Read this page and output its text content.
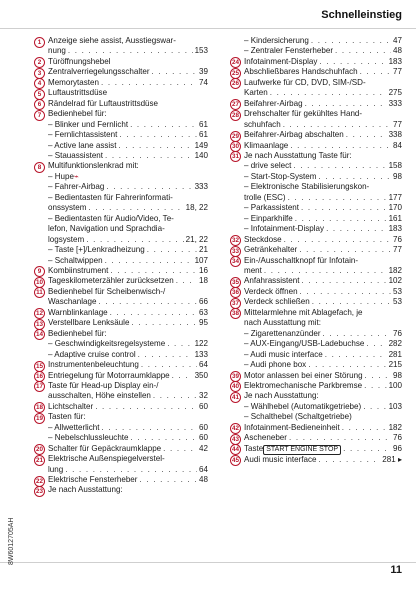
Schnelleinstieg
1 Anzeige siehe assist, Ausstiegswar-
nung . . .	153
2 Türöffnungshebel
3 Zentralverriegelungsschalter . . .	39
4 Memorytasten . . .	74
5 Luftaustrittsdüse
6 Rändelrad für Luftaustrittsdüse
7 Bedienhebel für:
– Blinker und Fernlicht . . .	61
– Fernlichtassistent . . .	61
– Active lane assist . . .	149
– Stauassistent . . .	140
8 Multifunktionslenkrad mit:
– Hupe ⌁
– Fahrer-Airbag . . .	333
– Bedientasten für Fahrerinformati-
onssystem . . .	18, 22
– Bedientasten für Audio/Video, Te-
lefon, Navigation und Sprachdia-
logsystem . . .	21, 22
– Taste [+]/Lenkradheizung . . .	21
– Schaltwippen . . .	107
9 Kombiinstrument . . .	16
10 Tageskilometerzähler zurücksetzen . . .	18
11 Bedienhebel für Scheibenwisch-/
Waschanlage . . .	66
12 Warnblinkanlage . . .	63
13 Verstellbare Lenksäule . . .	95
14 Bedienhebel für:
– Geschwindigkeitsregelsysteme . . .	122
– Adaptive cruise control . . .	133
15 Instrumentenbeleuchtung . . .	64
16 Entriegelung für Motorraumklappe . . .	350
17 Taste für Head-up Display ein-/
ausschalten, Höhe einstellen . . .	32
18 Lichtschalter . . .	60
19 Tasten für:
– Allwetterlicht . . .	60
– Nebelschlussleuchte . . .	60
20 Schalter für Gepäckraumklappe . . .	42
21 Elektrische Außenspiegelverstel-
lung . . .	64
22 Elektrische Fensterheber . . .	48
23 Je nach Ausstattung:
– Kindersicherung . . .	47
– Zentraler Fensterheber . . .	48
24 Infotainment-Display . . .	183
25 Abschließbares Handschuhfach . . .	77
26 Laufwerke für CD, DVD, SIM-/SD-
Karten . . .	275
27 Beifahrer-Airbag . . .	333
28 Drehschalter für gekühltes Hand-
schuhfach . . .	77
29 Beifahrer-Airbag abschalten . . .	338
30 Klimaanlage . . .	84
31 Je nach Ausstattung Taste für:
– drive select . . .	158
– Start-Stop-System . . .	98
– Elektronische Stabilisierungskon-
trolle (ESC) . . .	177
– Parkassistent . . .	170
– Einparkhilfe . . .	161
– Infotainment-Display . . .	183
32 Steckdose . . .	76
33 Getränkehalter . . .	77
34 Ein-/Ausschaltknopf für Infotain-
ment . . .	182
35 Anfahrassistent . . .	102
36 Verdeck öffnen . . .	53
37 Verdeck schließen . . .	53
38 Mittelarmlehne mit Ablagefach, je
nach Ausstattung mit:
– Zigarettenanzünder . . .	76
– AUX-Eingang/USB-Ladebuchse . . .	282
– Audi music interface . . .	281
– Audi phone box . . .	215
39 Motor anlassen bei einer Störung . . .	98
40 Elektromechanische Parkbremse . . .	100
41 Je nach Ausstattung:
– Wählhebel (Automatikgetriebe) . . .	103
– Schalthebel (Schaltgetriebe)
42 Infotainment-Bedieneinheit . . .	182
43 Ascheneber . . .	76
44 Taste START ENGINE STOP . . .	96
45 Audi music interface . . .	281 ▸
8W6012705AH
11
